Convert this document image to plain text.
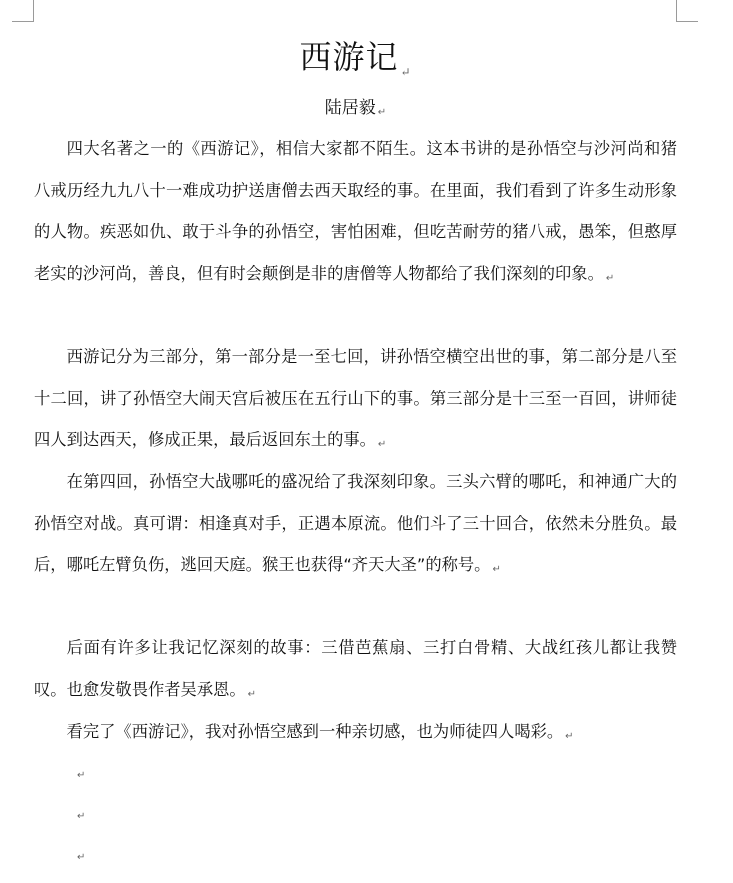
西游记 $_↵$
陆居毅 ↵

四大名著之一的《西游记》，相信大家都不陌生。这本书讲的是孙悟空与沙河尚和猪八戒历经九九八十一难成功护送唐僧去西天取经的事。在里面，我们看到了许多生动形象的人物。疾恶如仇、敢于斗争的孙悟空，害怕困难，但吃苦耐劳的猪八戒，愚笨，但憨厚老实的沙河尚，善良，但有时会颠倒是非的唐僧等人物都给了我们深刻的印象。 ↵

西游记分为三部分，第一部分是一至七回，讲孙悟空横空出世的事，第二部分是八至十二回，讲了孙悟空大闹天宫后被压在五行山下的事。第三部分是十三至一百回，讲师徒四人到达西天，修成正果，最后返回东土的事。 ↵

在第四回，孙悟空大战哪吒的盛况给了我深刻印象。三头六臂的哪吒，和神通广大的孙悟空对战。真可谓：相逢真对手，正遇本原流。他们斗了三十回合，依然未分胜负。最后，哪吒左臂负伤，逃回天庭。猴王也获得“齐天大圣”的称号。 ↵

后面有许多让我记忆深刻的故事：三借芭蕉扇、三打白骨精、大战红孩儿都让我赞叹。也愈发敬畏作者吴承恩。 ↵

看完了《西游记》，我对孙悟空感到一种亲切感，也为师徒四人喝彩。 ↵

↵
↵
↵
